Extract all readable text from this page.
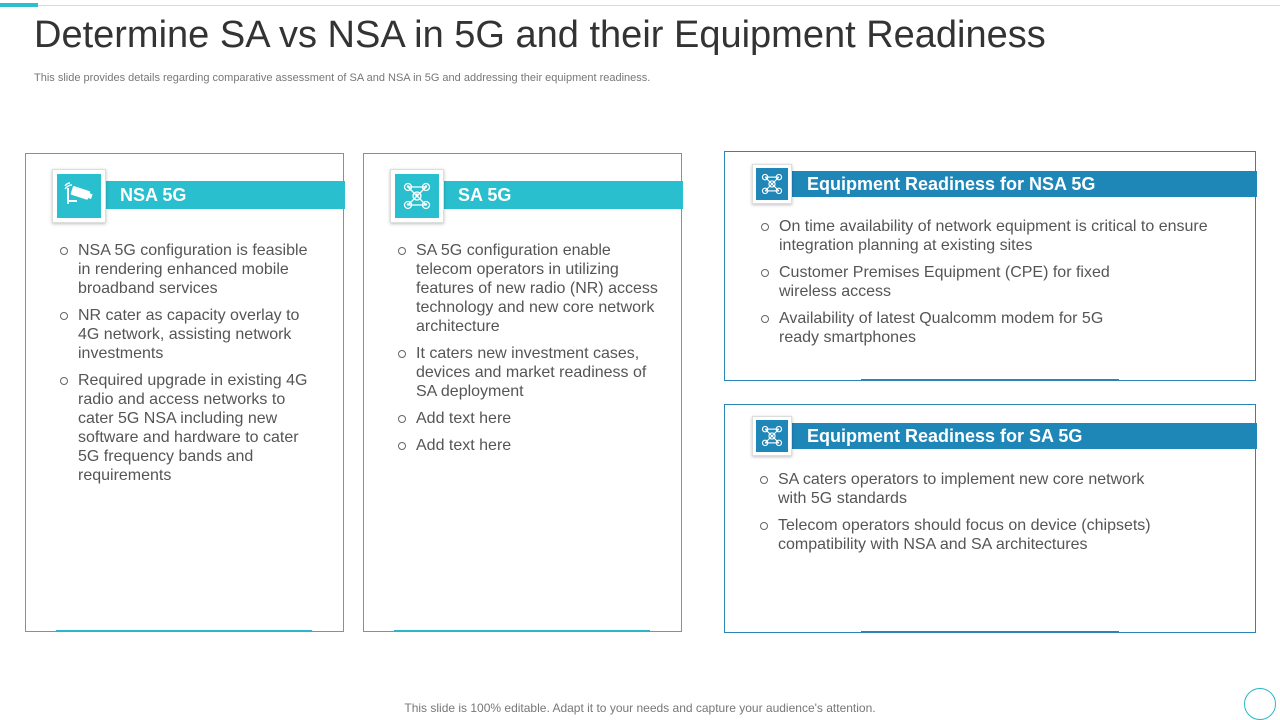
Determine SA vs NSA in 5G and their Equipment Readiness

This slide provides details regarding comparative assessment of SA and NSA in 5G and addressing their equipment readiness.

NSA 5G
NSA 5G configuration is feasible in rendering enhanced mobile broadband services
NR cater as capacity overlay to 4G network, assisting network investments
Required upgrade in existing 4G radio and access networks to cater 5G NSA including new software and hardware to cater 5G frequency bands and requirements
SA 5G
SA 5G configuration enable telecom operators in utilizing features of new radio (NR) access technology and new core network architecture
It caters new investment cases, devices and market readiness of SA deployment
Add text here
Add text here
Equipment Readiness for NSA 5G
On time availability of network equipment is critical to ensure integration planning at existing sites
Customer Premises Equipment (CPE) for fixed wireless access
Availability of latest Qualcomm modem for 5G ready smartphones
Equipment Readiness for SA 5G
SA caters operators to implement new core network with 5G standards
Telecom operators should focus on device (chipsets) compatibility with NSA and SA architectures
This slide is 100% editable. Adapt it to your needs and capture your audience's attention.
